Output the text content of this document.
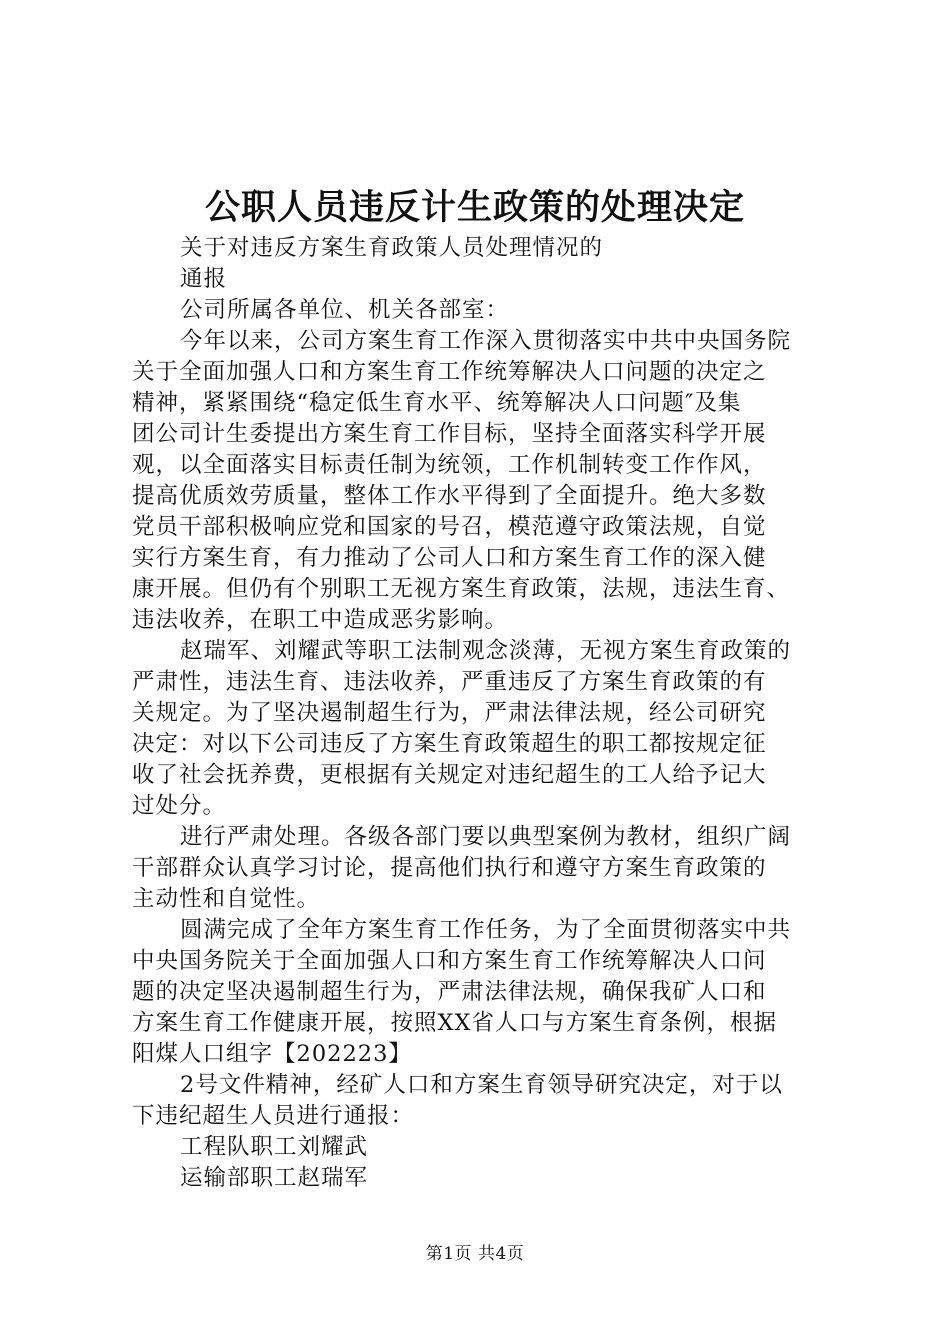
公职人员违反计生政策的处理决定
关于对违反方案生育政策人员处理情况的
通报
公司所属各单位、机关各部室：
今年以来，公司方案生育工作深入贯彻落实中共中央国务院
关于全面加强人口和方案生育工作统筹解决人口问题的决定之
精神，紧紧围绕“稳定低生育水平、统筹解决人口问题″及集
团公司计生委提出方案生育工作目标，坚持全面落实科学开展
观，以全面落实目标责任制为统领，工作机制转变工作作风，
提高优质效劳质量，整体工作水平得到了全面提升。绝大多数
党员干部积极响应党和国家的号召，模范遵守政策法规，自觉
实行方案生育，有力推动了公司人口和方案生育工作的深入健
康开展。但仍有个别职工无视方案生育政策，法规，违法生育、
违法收养，在职工中造成恶劣影响。
赵瑞军、刘耀武等职工法制观念淡薄，无视方案生育政策的
严肃性，违法生育、违法收养，严重违反了方案生育政策的有
关规定。为了坚决遏制超生行为，严肃法律法规，经公司研究
决定：对以下公司违反了方案生育政策超生的职工都按规定征
收了社会抚养费，更根据有关规定对违纪超生的工人给予记大
过处分。
进行严肃处理。各级各部门要以典型案例为教材，组织广阔
干部群众认真学习讨论，提高他们执行和遵守方案生育政策的
主动性和自觉性。
圆满完成了全年方案生育工作任务，为了全面贯彻落实中共
中央国务院关于全面加强人口和方案生育工作统筹解决人口问
题的决定坚决遏制超生行为，严肃法律法规，确保我矿人口和
方案生育工作健康开展，按照XX省人口与方案生育条例，根据
阳煤人口组字【202223】
2号文件精神，经矿人口和方案生育领导研究决定，对于以
下违纪超生人员进行通报：
工程队职工刘耀武
运输部职工赵瑞军
第1页 共4页
